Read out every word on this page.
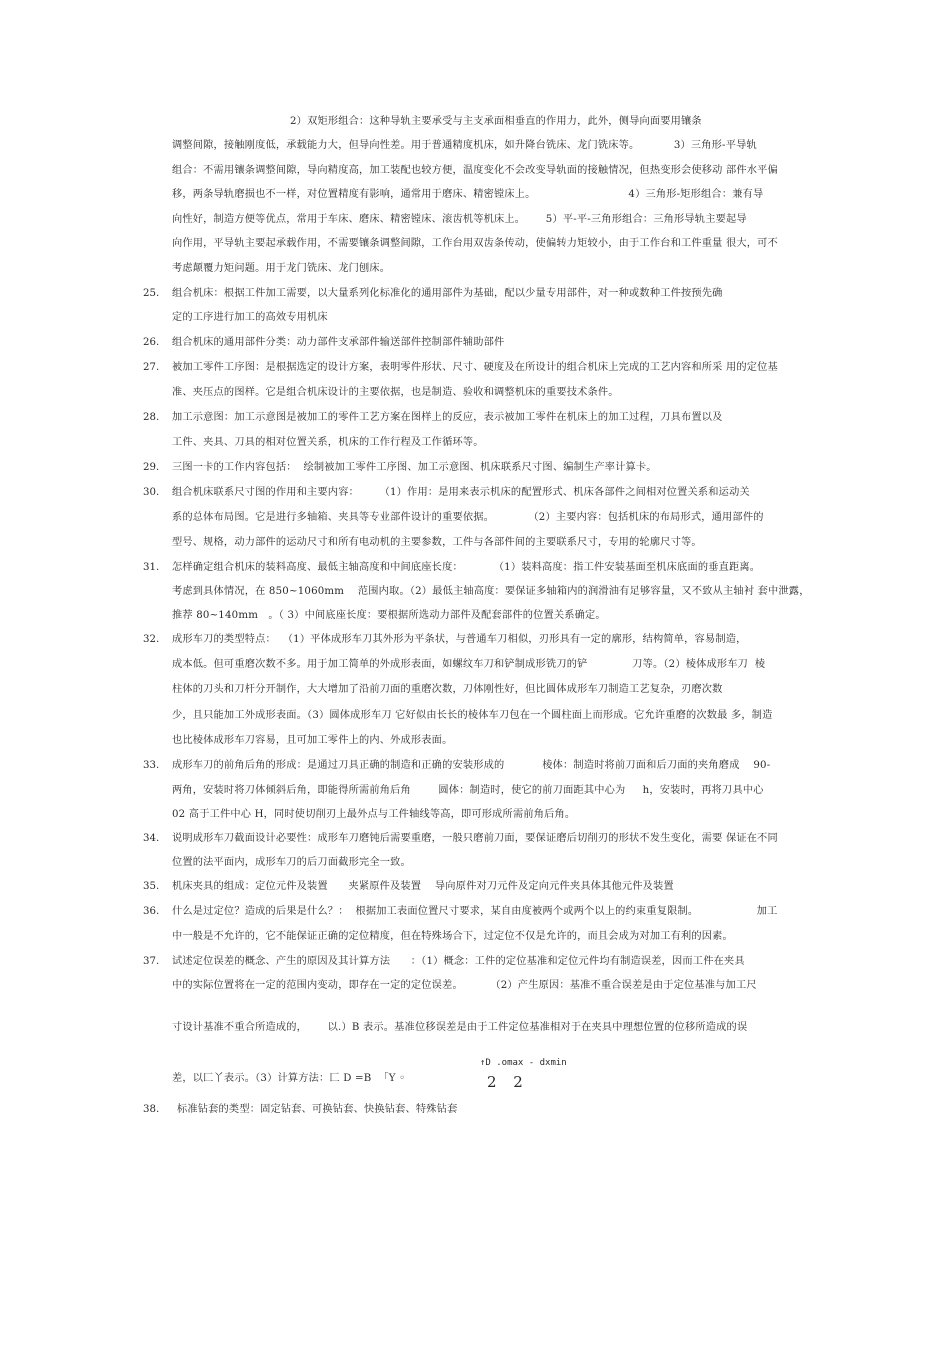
2）双矩形组合：这种导轨主要承受与主支承面相垂直的作用力，此外，侧导向面要用镶条
调整间隙，接触刚度低，承载能力大，但导向性差。用于普通精度机床，如升降台铣床、龙门铣床等。          3）三角形-平导轨
组合：不需用镶条调整间隙，导向精度高，加工装配也较方便，温度变化不会改变导轨面的接触情况，但热变形会使移动 部件水平偏
移，两条导轨磨损也不一样，对位置精度有影响，通常用于磨床、精密镗床上。                           4）三角形-矩形组合：兼有导
向性好，制造方便等优点，常用于车床、磨床、精密镗床、滚齿机等机床上。      5）平-平-三角形组合：三角形导轨主要起导
向作用，平导轨主要起承载作用，不需要镶条调整间隙，工作台用双齿条传动，使偏转力矩较小，由于工作台和工件重量 很大，可不
考虑颠覆力矩问题。用于龙门铣床、龙门刨床。
25. 组合机床：根据工件加工需要，以大量系列化标准化的通用部件为基础，配以少量专用部件，对一种或数种工件按预先确
定的工序进行加工的高效专用机床
26. 组合机床的通用部件分类：动力部件支承部件输送部件控制部件辅助部件
27. 被加工零件工序图：是根据选定的设计方案，表明零件形状、尺寸、硬度及在所设计的组合机床上完成的工艺内容和所采 用的定位基
准、夹压点的图样。它是组合机床设计的主要依据，也是制造、验收和调整机床的重要技术条件。
28. 加工示意图：加工示意图是被加工的零件工艺方案在图样上的反应，表示被加工零件在机床上的加工过程，刀具布置以及
工件、夹具、刀具的相对位置关系，机床的工作行程及工作循环等。
29. 三图一卡的工作内容包括：  绘制被加工零件工序图、加工示意图、机床联系尺寸图、编制生产率计算卡。
30. 组合机床联系尺寸图的作用和主要内容：      （1）作用：是用来表示机床的配置形式、机床各部件之间相对位置关系和运动关
系的总体布局图。它是进行多轴箱、夹具等专业部件设计的重要依据。          （2）主要内容：包括机床的布局形式，通用部件的
型号、规格，动力部件的运动尺寸和所有电动机的主要参数，工件与各部件间的主要联系尺寸，专用的轮廓尺寸等。
31. 怎样确定组合机床的装料高度、最低主轴高度和中间底座长度：         （1）装料高度：指工件安装基面至机床底面的垂直距离。
考虑到具体情况，在 850~1060mm    范围内取。（2）最低主轴高度：要保证多轴箱内的润滑油有足够容量，又不致从主轴衬 套中泄露，
推荐 80~140mm   。（ 3）中间底座长度：要根据所选动力部件及配套部件的位置关系确定。
32. 成形车刀的类型特点：  （1）平体成形车刀其外形为平条状，与普通车刀相似，刃形具有一定的廓形，结构简单，容易制造，
成本低。但可重磨次数不多。用于加工简单的外成形表面，如螺纹车刀和铲制成形铣刀的铲             刀等。（2）棱体成形车刀  棱
柱体的刀头和刀杆分开制作，大大增加了沿前刀面的重磨次数，刀体刚性好，但比圆体成形车刀制造工艺复杂，刃磨次数
少，且只能加工外成形表面。（3）圆体成形车刀 它好似由长长的棱体车刀包在一个圆柱面上而形成。它允许重磨的次数最 多，制造
也比棱体成形车刀容易，且可加工零件上的内、外成形表面。
33. 成形车刀的前角后角的形成：是通过刀具正确的制造和正确的安装形成的           棱体：制造时将前刀面和后刀面的夹角磨成    90-
两角，安装时将刀体倾斜后角，即能得所需前角后角        圆体：制造时，使它的前刀面距其中心为     h，安装时，再将刀具中心
02 高于工件中心 H，同时使切削刃上最外点与工件轴线等高，即可形成所需前角后角。
34. 说明成形车刀截面设计必要性：成形车刀磨钝后需要重磨，一般只磨前刀面，要保证磨后切削刃的形状不发生变化，需要 保证在不同
位置的法平面内，成形车刀的后刀面截形完全一致。
35. 机床夹具的组成：定位元件及装置      夹紧原件及装置    导向原件对刀元件及定向元件夹具体其他元件及装置
36. 什么是过定位？造成的后果是什么？：  根据加工表面位置尺寸要求，某自由度被两个或两个以上的约束重复限制。                 加工
中一般是不允许的，它不能保证正确的定位精度，但在特殊场合下，过定位不仅是允许的，而且会成为对加工有利的因素。
37. 试述定位误差的概念、产生的原因及其计算方法      ：（1）概念：工件的定位基准和定位元件均有制造误差，因而工件在夹具
中的实际位置将在一定的范围内变动，即存在一定的定位误差。        （2）产生原因：基准不重合误差是由于定位基准与加工尺
寸设计基准不重合所造成的，      以.）B 表示。基准位移误差是由于工件定位基准相对于在夹具中理想位置的位移所造成的误
↑D .omax - dxmin
差，以匚丫表示。（3）计算方法：匚 D =B  「Y ◦	2 2
38. 标准钻套的类型：固定钻套、可换钻套、快换钻套、特殊钻套
